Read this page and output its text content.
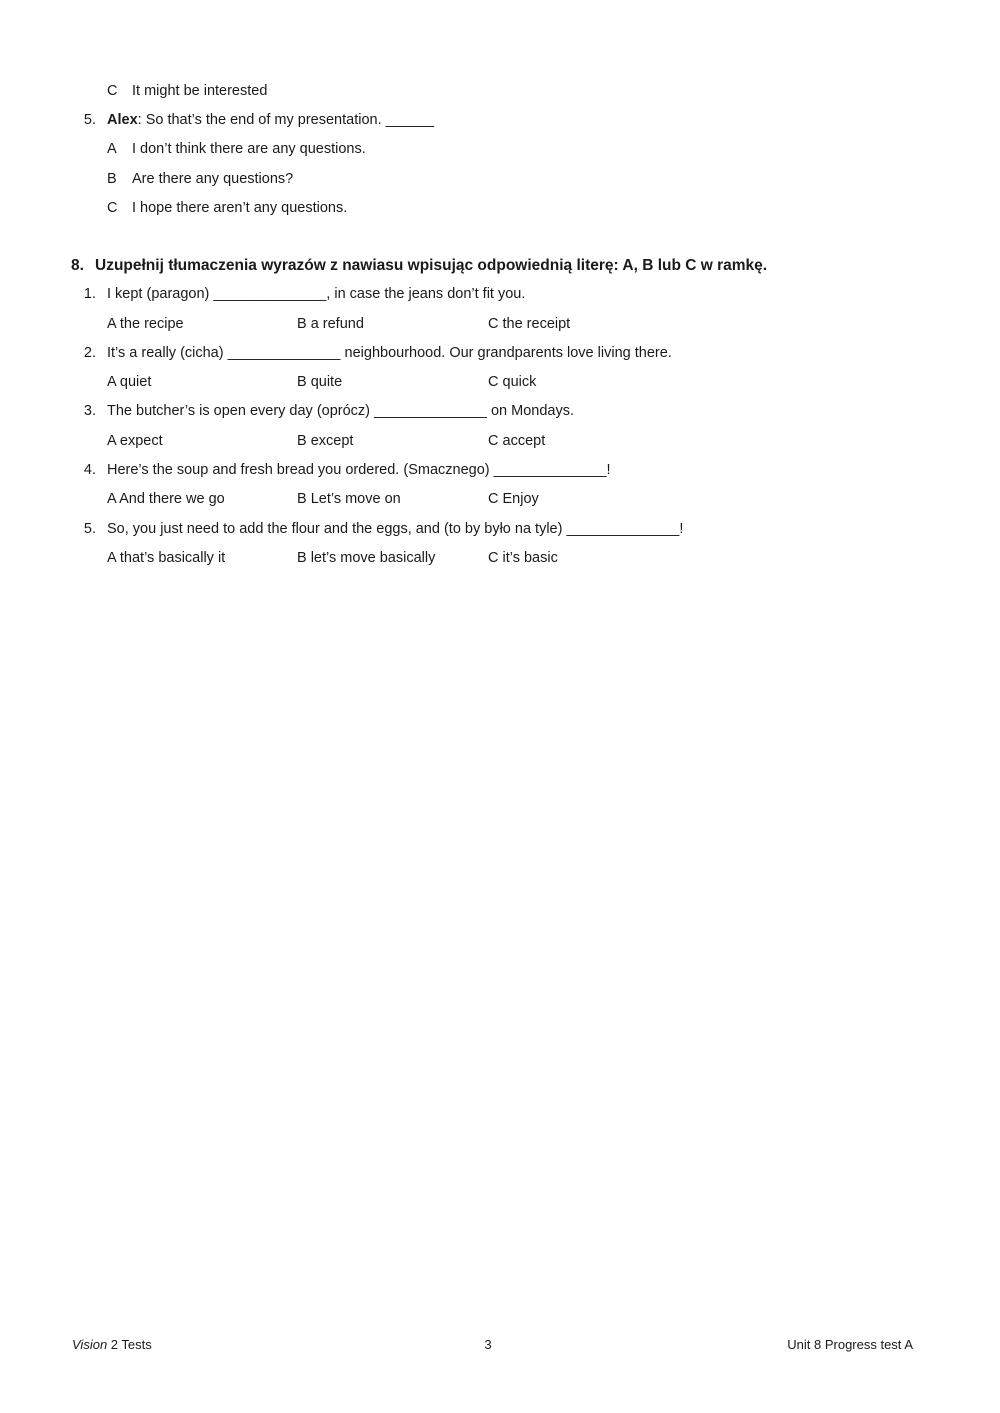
C It might be interested
5. Alex: So that’s the end of my presentation. ______
A I don’t think there are any questions.
B Are there any questions?
C I hope there aren’t any questions.
8. Uzupełnij tłumaczenia wyrazów z nawiasu wpisując odpowiednią literę: A, B lub C w ramkę.
1. I kept (paragon) ______________, in case the jeans don’t fit you.
A the recipe	B a refund	C the receipt
2. It’s a really (cicha) ______________ neighbourhood. Our grandparents love living there.
A quiet	B quite	C quick
3. The butcher’s is open every day (oprócz) ______________ on Mondays.
A expect	B except	C accept
4. Here’s the soup and fresh bread you ordered. (Smacznego) ______________!
A And there we go	B Let’s move on	C Enjoy
5. So, you just need to add the flour and the eggs, and (to by było na tyle) ______________!
A that’s basically it	B let’s move basically	C it’s basic
Vision 2 Tests	3	Unit 8 Progress test A
